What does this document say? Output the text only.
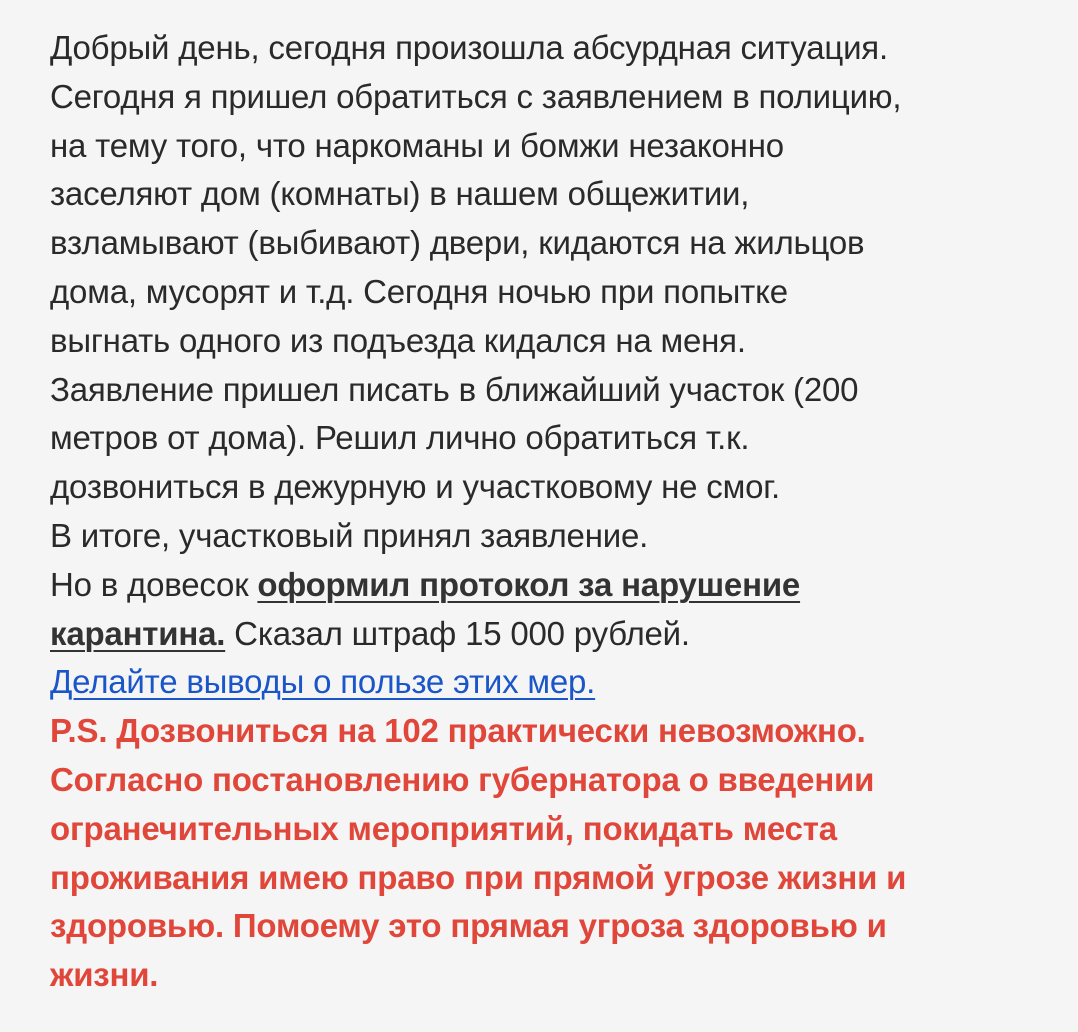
Добрый день, сегодня произошла абсурдная ситуация.
Сегодня я пришел обратиться с заявлением в полицию,
на тему того, что наркоманы и бомжи незаконно
заселяют дом (комнаты) в нашем общежитии,
взламывают (выбивают) двери, кидаются на жильцов
дома, мусорят и т.д. Сегодня ночью при попытке
выгнать одного из подъезда кидался на меня.
Заявление пришел писать в ближайший участок (200
метров от дома). Решил лично обратиться т.к.
дозвониться в дежурную и участковому не смог.
В итоге, участковый принял заявление.
Но в довесок оформил протокол за нарушение
карантина. Сказал штраф 15 000 рублей.
Делайте выводы о пользе этих мер.
P.S. Дозвониться на 102 практически невозможно.
Согласно постановлению губернатора о введении
огранечительных мероприятий, покидать места
проживания имею право при прямой угрозе жизни и
здоровью. Помоему это прямая угроза здоровью и
жизни.
